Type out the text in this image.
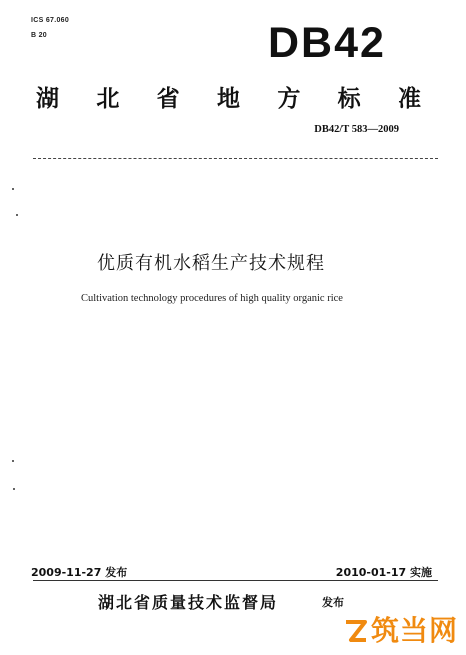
ICS 67.060
B 20	DB42
湖 北 省 地 方 标 准
DB42/T 583—2009
优质有机水稻生产技术规程
Cultivation technology procedures of high quality organic rice
2009-11-27 发布	2010-01-17 实施
湖北省质量技术监督局	发布
筑当网
